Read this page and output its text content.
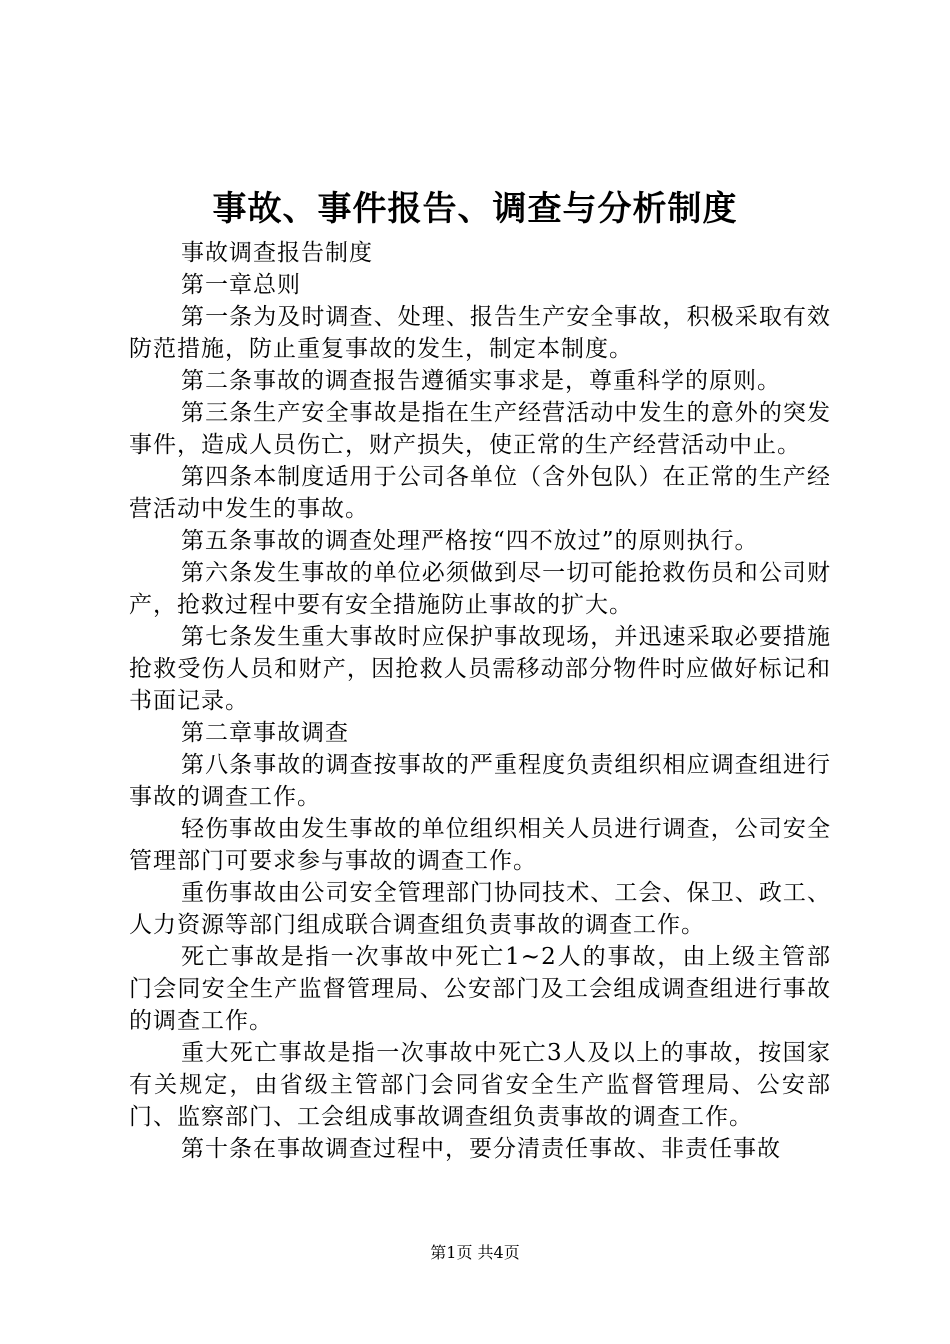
事故、事件报告、调查与分析制度

事故调查报告制度

第一章总则

第一条为及时调查、处理、报告生产安全事故，积极采取有效防范措施，防止重复事故的发生，制定本制度。

第二条事故的调查报告遵循实事求是，尊重科学的原则。

第三条生产安全事故是指在生产经营活动中发生的意外的突发事件，造成人员伤亡，财产损失，使正常的生产经营活动中止。

第四条本制度适用于公司各单位（含外包队）在正常的生产经营活动中发生的事故。

第五条事故的调查处理严格按“四不放过”的原则执行。

第六条发生事故的单位必须做到尽一切可能抢救伤员和公司财产，抢救过程中要有安全措施防止事故的扩大。

第七条发生重大事故时应保护事故现场，并迅速采取必要措施抢救受伤人员和财产，因抢救人员需移动部分物件时应做好标记和书面记录。

第二章事故调查

第八条事故的调查按事故的严重程度负责组织相应调查组进行事故的调查工作。

轻伤事故由发生事故的单位组织相关人员进行调查，公司安全管理部门可要求参与事故的调查工作。

重伤事故由公司安全管理部门协同技术、工会、保卫、政工、人力资源等部门组成联合调查组负责事故的调查工作。

死亡事故是指一次事故中死亡1~2人的事故，由上级主管部门会同安全生产监督管理局、公安部门及工会组成调查组进行事故的调查工作。

重大死亡事故是指一次事故中死亡3人及以上的事故，按国家有关规定，由省级主管部门会同省安全生产监督管理局、公安部门、监察部门、工会组成事故调查组负责事故的调查工作。

第十条在事故调查过程中，要分清责任事故、非责任事故

第1页 共4页
